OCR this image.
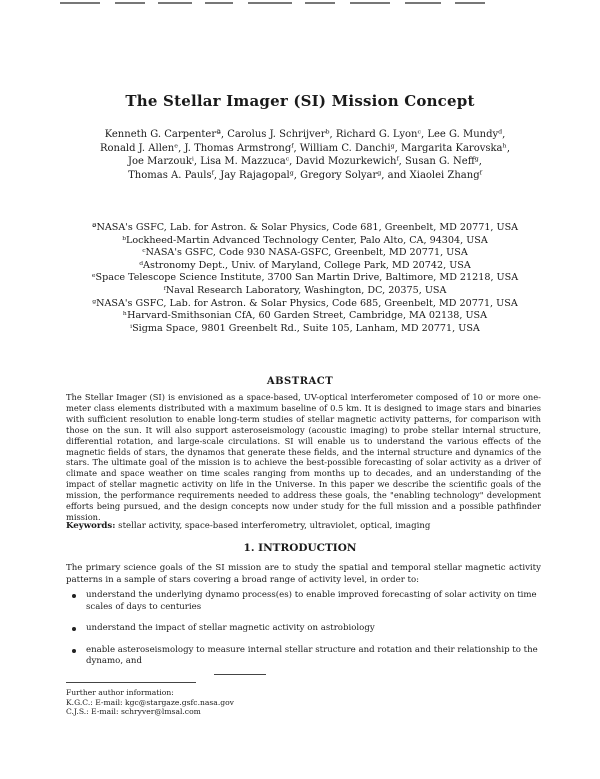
The Stellar Imager (SI) Mission Concept
Kenneth G. Carpenterª, Carolus J. Schrijverᵇ, Richard G. Lyonᶜ, Lee G. Mundyᵈ,
Ronald J. Allenᵉ, J. Thomas Armstrongᶠ, William C. Danchiᵍ, Margarita Karovskaʰ,
Joe Marzoukⁱ, Lisa M. Mazzucaᶜ, David Mozurkewichᶠ, Susan G. Neffᵍ,
Thomas A. Paulsᶠ, Jay Rajagopalᵍ, Gregory Solyarᵍ, and Xiaolei Zhangᶠ
ªNASA's GSFC, Lab. for Astron. & Solar Physics, Code 681, Greenbelt, MD 20771, USA
ᵇLockheed-Martin Advanced Technology Center, Palo Alto, CA, 94304, USA
ᶜNASA's GSFC, Code 930 NASA-GSFC, Greenbelt, MD 20771, USA
ᵈAstronomy Dept., Univ. of Maryland, College Park, MD 20742, USA
ᵉSpace Telescope Science Institute, 3700 San Martin Drive, Baltimore, MD 21218, USA
ᶠNaval Research Laboratory, Washington, DC, 20375, USA
ᵍNASA's GSFC, Lab. for Astron. & Solar Physics, Code 685, Greenbelt, MD 20771, USA
ʰHarvard-Smithsonian CfA, 60 Garden Street, Cambridge, MA 02138, USA
ⁱSigma Space, 9801 Greenbelt Rd., Suite 105, Lanham, MD 20771, USA
ABSTRACT
The Stellar Imager (SI) is envisioned as a space-based, UV-optical interferometer composed of 10 or more one-meter class elements distributed with a maximum baseline of 0.5 km. It is designed to image stars and binaries with sufficient resolution to enable long-term studies of stellar magnetic activity patterns, for comparison with those on the sun. It will also support asteroseismology (acoustic imaging) to probe stellar internal structure, differential rotation, and large-scale circulations. SI will enable us to understand the various effects of the magnetic fields of stars, the dynamos that generate these fields, and the internal structure and dynamics of the stars. The ultimate goal of the mission is to achieve the best-possible forecasting of solar activity as a driver of climate and space weather on time scales ranging from months up to decades, and an understanding of the impact of stellar magnetic activity on life in the Universe. In this paper we describe the scientific goals of the mission, the performance requirements needed to address these goals, the "enabling technology" development efforts being pursued, and the design concepts now under study for the full mission and a possible pathfinder mission.
Keywords: stellar activity, space-based interferometry, ultraviolet, optical, imaging
1. INTRODUCTION
The primary science goals of the SI mission are to study the spatial and temporal stellar magnetic activity patterns in a sample of stars covering a broad range of activity level, in order to:
understand the underlying dynamo process(es) to enable improved forecasting of solar activity on time scales of days to centuries
understand the impact of stellar magnetic activity on astrobiology
enable asteroseismology to measure internal stellar structure and rotation and their relationship to the dynamo, and
Further author information:
K.G.C.: E-mail: kgc@stargaze.gsfc.nasa.gov
C.J.S.: E-mail: schryver@lmsal.com
